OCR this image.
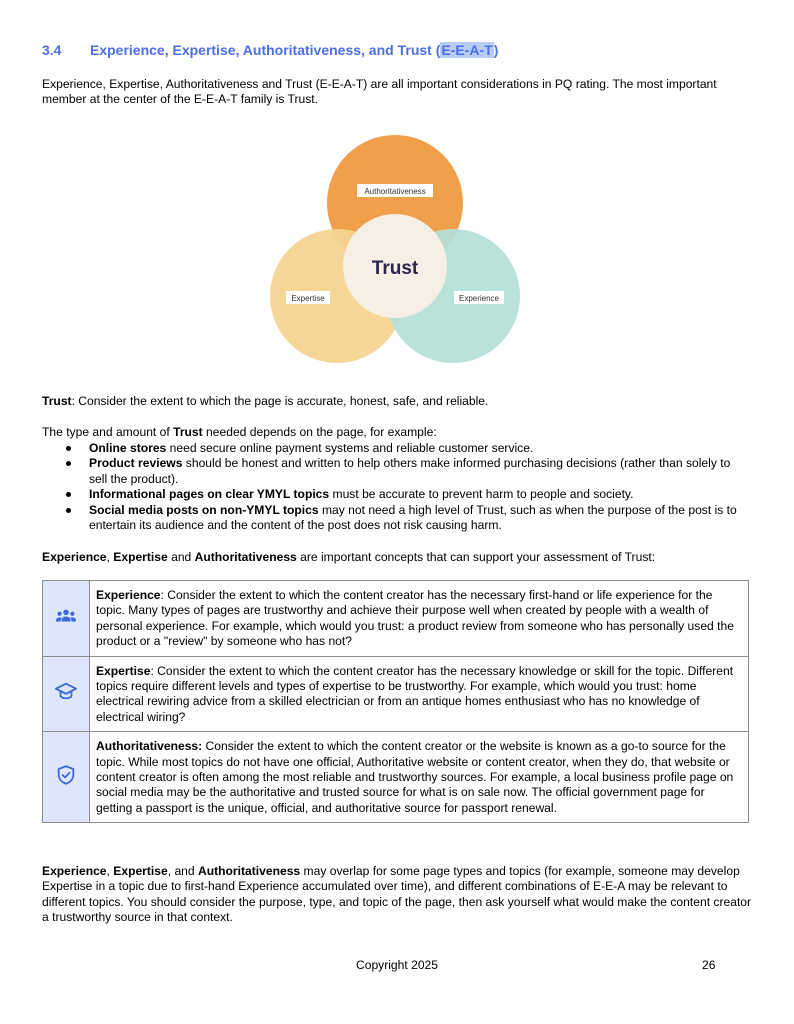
3.4 Experience, Expertise, Authoritativeness, and Trust (E-E-A-T)

Experience, Expertise, Authoritativeness and Trust (E-E-A-T) are all important considerations in PQ rating. The most important member at the center of the E-E-A-T family is Trust.

Authoritativeness
Expertise	Experience
Trust

Trust: Consider the extent to which the page is accurate, honest, safe, and reliable.

The type and amount of Trust needed depends on the page, for example:

Online stores need secure online payment systems and reliable customer service.
Product reviews should be honest and written to help others make informed purchasing decisions (rather than solely to sell the product).
Informational pages on clear YMYL topics must be accurate to prevent harm to people and society.
Social media posts on non-YMYL topics may not need a high level of Trust, such as when the purpose of the post is to entertain its audience and the content of the post does not risk causing harm.

Experience, Expertise and Authoritativeness are important concepts that can support your assessment of Trust:

	Experience: Consider the extent to which the content creator has the necessary first-hand or life experience for the topic. Many types of pages are trustworthy and achieve their purpose well when created by people with a wealth of personal experience. For example, which would you trust: a product review from someone who has personally used the product or a "review" by someone who has not?
	Expertise: Consider the extent to which the content creator has the necessary knowledge or skill for the topic. Different topics require different levels and types of expertise to be trustworthy. For example, which would you trust: home electrical rewiring advice from a skilled electrician or from an antique homes enthusiast who has no knowledge of electrical wiring?
	Authoritativeness: Consider the extent to which the content creator or the website is known as a go-to source for the topic. While most topics do not have one official, Authoritative website or content creator, when they do, that website or content creator is often among the most reliable and trustworthy sources. For example, a local business profile page on social media may be the authoritative and trusted source for what is on sale now. The official government page for getting a passport is the unique, official, and authoritative source for passport renewal.

Experience, Expertise, and Authoritativeness may overlap for some page types and topics (for example, someone may develop Expertise in a topic due to first-hand Experience accumulated over time), and different combinations of E-E-A may be relevant to different topics. You should consider the purpose, type, and topic of the page, then ask yourself what would make the content creator a trustworthy source in that context.

Copyright 2025	26
